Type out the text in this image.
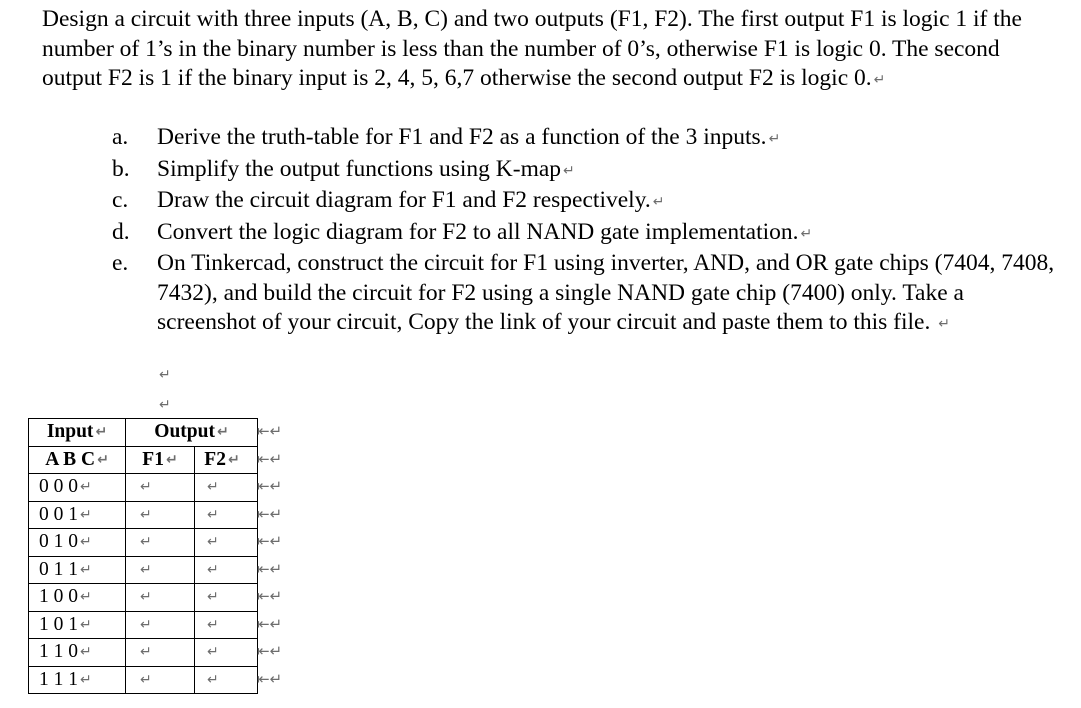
Design a circuit with three inputs (A, B, C) and two outputs (F1, F2). The first output F1 is logic 1 if the number of 1’s in the binary number is less than the number of 0’s, otherwise F1 is logic 0. The second output F2 is 1 if the binary input is 2, 4, 5, 6,7 otherwise the second output F2 is logic 0. ↵

a.	Derive the truth-table for F1 and F2 as a function of the 3 inputs. ↵
b.	Simplify the output functions using K-map ↵
c.	Draw the circuit diagram for F1 and F2 respectively. ↵
d.	Convert the logic diagram for F2 to all NAND gate implementation. ↵
e.	On Tinkercad, construct the circuit for F1 using inverter, AND, and OR gate chips (7404, 7408, 7432), and build the circuit for F2 using a single NAND gate chip (7400) only. Take a screenshot of your circuit, Copy the link of your circuit and paste them to this file. ↵
↵
↵
Input ↵	Output ↵	
A B C ↵	F1 ↵	F2 ↵
0 0 0 ↵	↵	↵
0 0 1 ↵	↵	↵
0 1 0 ↵	↵	↵
0 1 1 ↵	↵	↵
1 0 0 ↵	↵	↵
1 0 1 ↵	↵	↵
1 1 0 ↵	↵	↵
1 1 1 ↵	↵	↵
⇤↵
⇤↵
⇤↵
⇤↵
⇤↵
⇤↵
⇤↵
⇤↵
⇤↵
⇤↵
